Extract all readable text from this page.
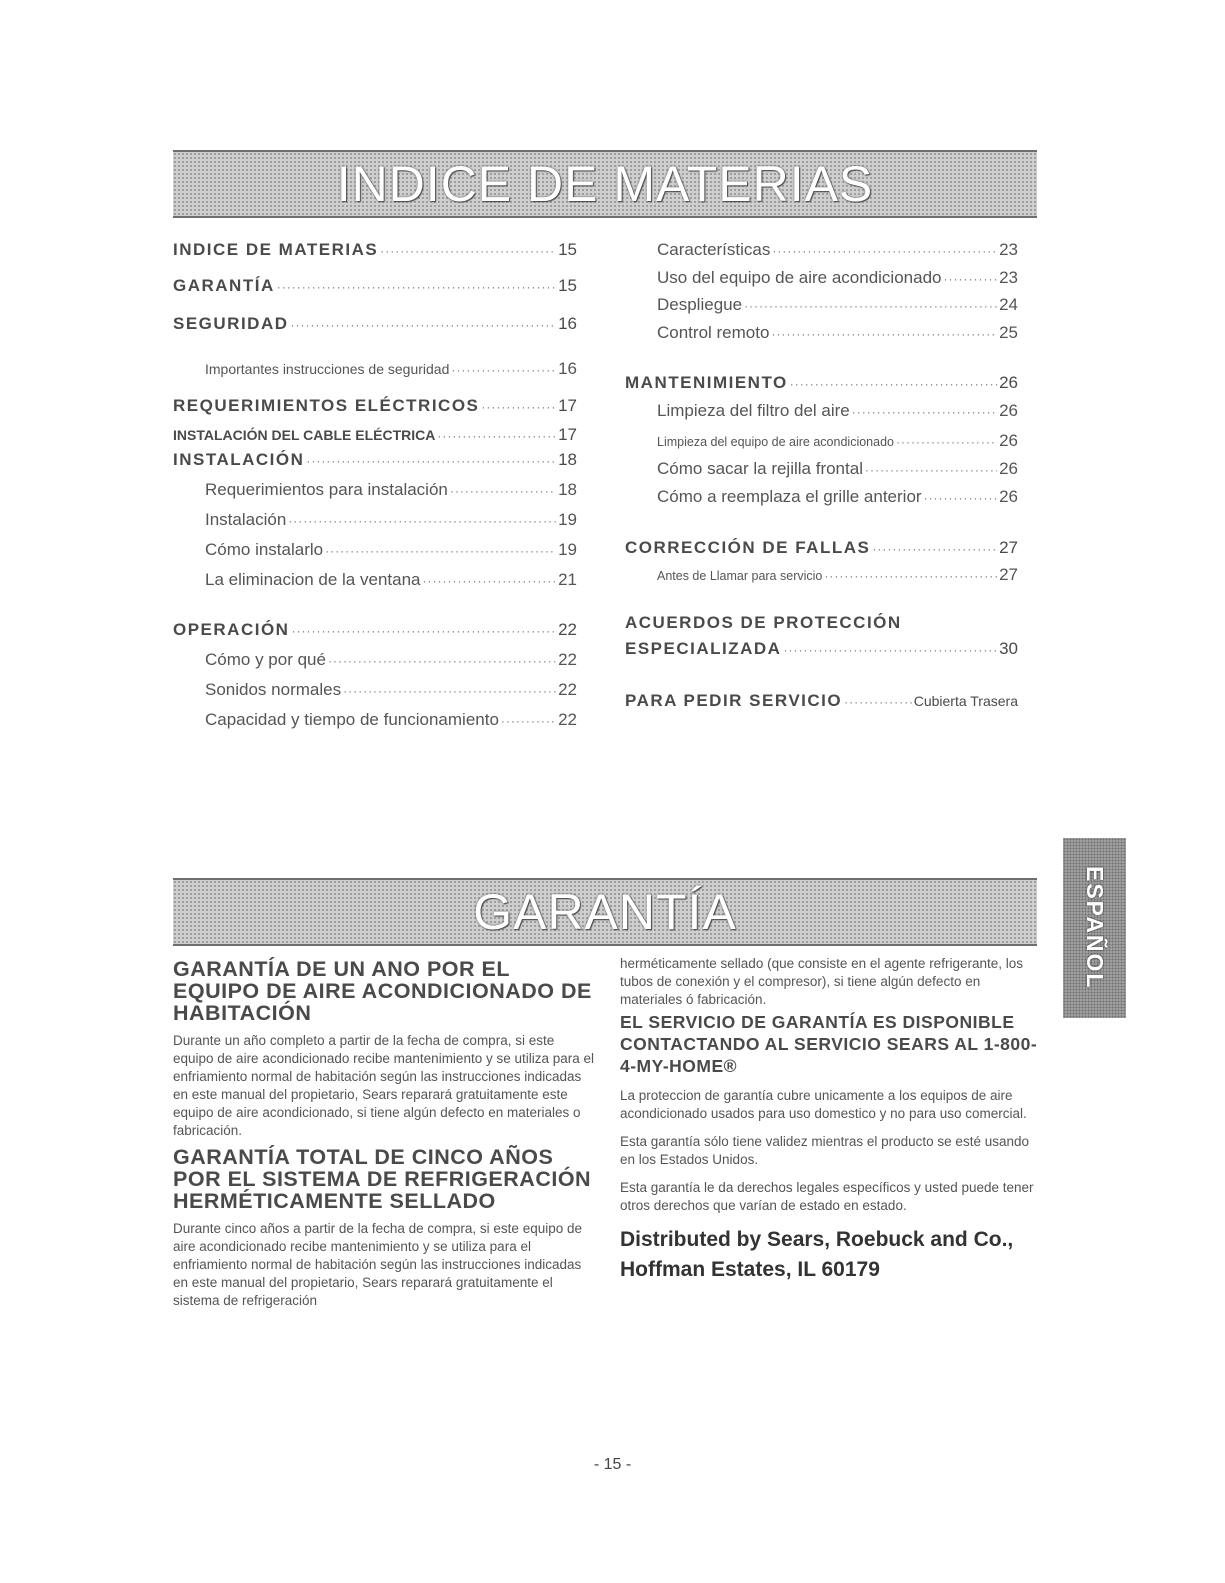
INDICE DE MATERIAS
INDICE DE MATERIAS ·····	15
GARANTÍA ·····	15
SEGURIDAD ·····	16
Importantes instrucciones de seguridad ·····	16
REQUERIMIENTOS ELÉCTRICOS ·····	17
INSTALACIÓN DEL CABLE ELÉCTRICA ·····	17
INSTALACIÓN ·····	18
Requerimientos para instalación ·····	18
Instalación ·····	19
Cómo instalarlo ·····	19
La eliminacion de la ventana ·····	21
OPERACIÓN ·····	22
Cómo y por qué ·····	22
Sonidos normales ·····	22
Capacidad y tiempo de funcionamiento ·····	22
Características ·····	23
Uso del equipo de aire acondicionado ·····	23
Despliegue ·····	24
Control remoto ·····	25
MANTENIMIENTO ·····	26
Limpieza del filtro del aire ·····	26
Limpieza del equipo de aire acondicionado ·····	26
Cómo sacar la rejilla frontal ·····	26
Cómo a reemplaza el grille anterior ·····	26
CORRECCIÓN DE FALLAS ·····	27
Antes de Llamar para servicio ·····	27
ACUERDOS DE PROTECCIÓN
ESPECIALIZADA ·····	30
PARA PEDIR SERVICIO ·····	Cubierta Trasera
ESPAÑOL
GARANTÍA

GARANTÍA DE UN ANO POR EL EQUIPO DE AIRE ACONDICIONADO DE HABITACIÓN

Durante un año completo a partir de la fecha de compra, si este equipo de aire acondicionado recibe mantenimiento y se utiliza para el enfriamiento normal de habitación según las instrucciones indicadas en este manual del propietario, Sears reparará gratuitamente este equipo de aire acondicionado, si tiene algún defecto en materiales o fabricación.

GARANTÍA TOTAL DE CINCO AÑOS POR EL SISTEMA DE REFRIGERACIÓN HERMÉTICAMENTE SELLADO

Durante cinco años a partir de la fecha de compra, si este equipo de aire acondicionado recibe mantenimiento y se utiliza para el enfriamiento normal de habitación según las instrucciones indicadas en este manual del propietario, Sears reparará gratuitamente el sistema de refrigeración

herméticamente sellado (que consiste en el agente refrigerante, los tubos de conexión y el compresor), si tiene algún defecto en materiales ó fabricación.

EL SERVICIO DE GARANTÍA ES DISPONIBLE CONTACTANDO AL SERVICIO SEARS AL 1-800-4-MY-HOME®

La proteccion de garantía cubre unicamente a los equipos de aire acondicionado usados para uso domestico y no para uso comercial.

Esta garantía sólo tiene validez mientras el producto se esté usando en los Estados Unidos.

Esta garantía le da derechos legales específicos y usted puede tener otros derechos que varían de estado en estado.

Distributed by Sears, Roebuck and Co.,

Hoffman Estates, IL 60179

- 15 -
